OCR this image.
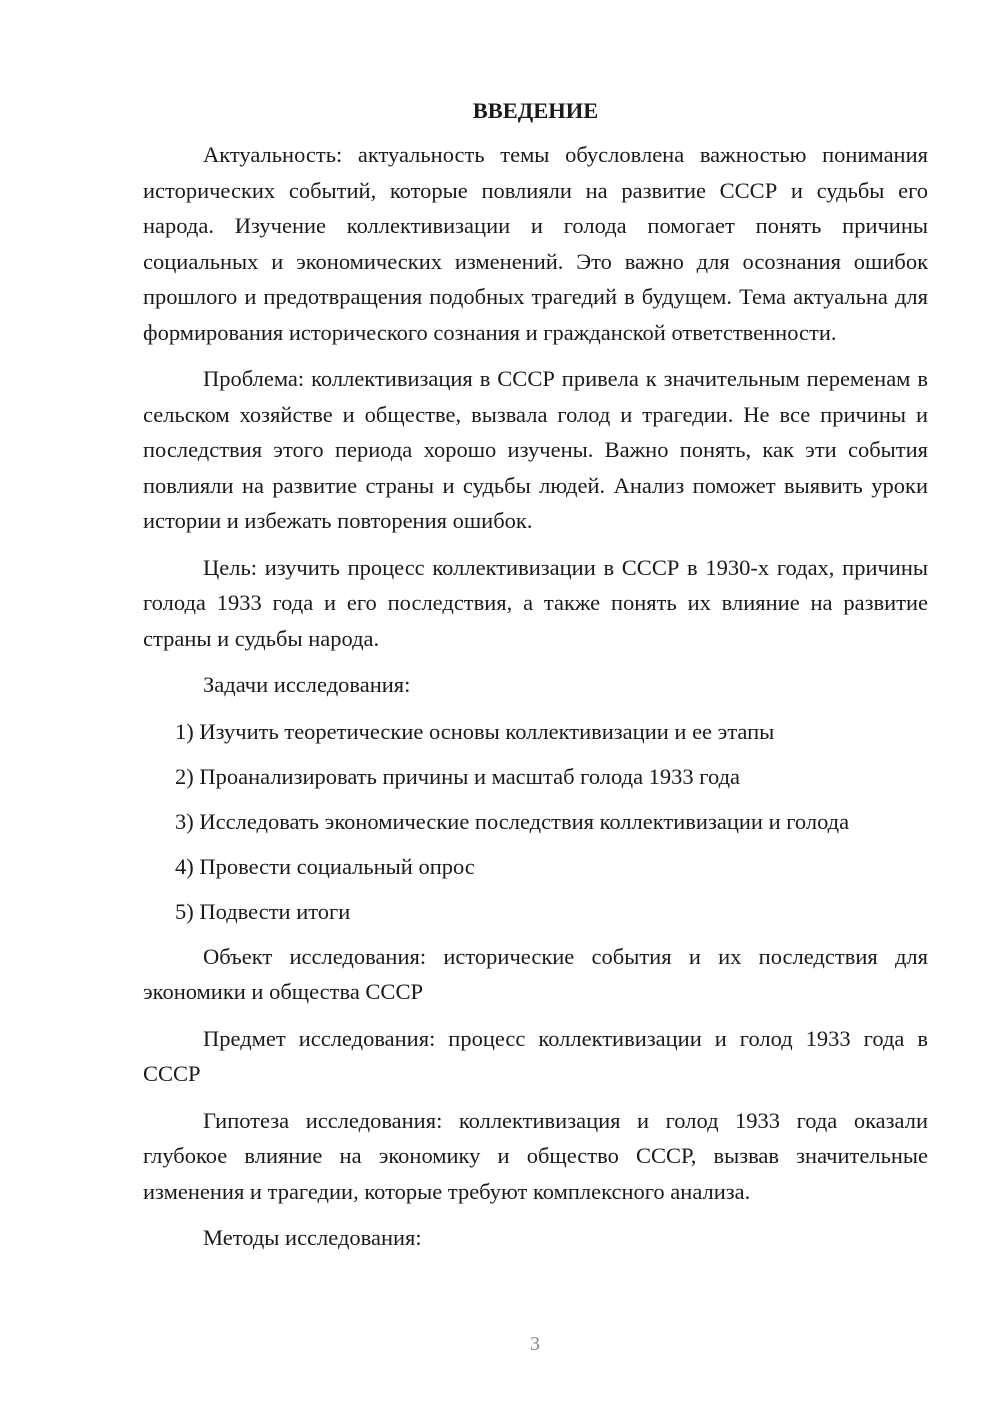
ВВЕДЕНИЕ
Актуальность: актуальность темы обусловлена важностью понимания исторических событий, которые повлияли на развитие СССР и судьбы его народа. Изучение коллективизации и голода помогает понять причины социальных и экономических изменений. Это важно для осознания ошибок прошлого и предотвращения подобных трагедий в будущем. Тема актуальна для формирования исторического сознания и гражданской ответственности.
Проблема: коллективизация в СССР привела к значительным переменам в сельском хозяйстве и обществе, вызвала голод и трагедии. Не все причины и последствия этого периода хорошо изучены. Важно понять, как эти события повлияли на развитие страны и судьбы людей. Анализ поможет выявить уроки истории и избежать повторения ошибок.
Цель: изучить процесс коллективизации в СССР в 1930-х годах, причины голода 1933 года и его последствия, а также понять их влияние на развитие страны и судьбы народа.
Задачи исследования:
1) Изучить теоретические основы коллективизации и ее этапы
2) Проанализировать причины и масштаб голода 1933 года
3) Исследовать экономические последствия коллективизации и голода
4) Провести социальный опрос
5) Подвести итоги
Объект исследования: исторические события и их последствия для экономики и общества СССР
Предмет исследования: процесс коллективизации и голод 1933 года в СССР
Гипотеза исследования: коллективизация и голод 1933 года оказали глубокое влияние на экономику и общество СССР, вызвав значительные изменения и трагедии, которые требуют комплексного анализа.
Методы исследования:
3
